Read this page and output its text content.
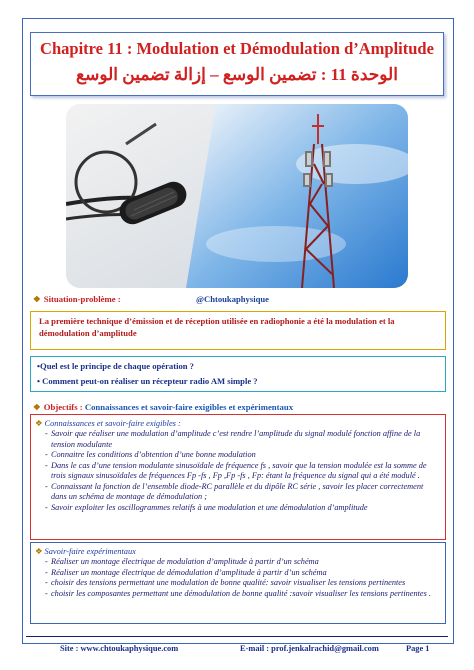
Chapitre 11 : Modulation et Démodulation d’Amplitude
الوحدة 11 : تضمين الوسع – إزالة تضمين الوسع
❖ Situation-problème :	@Chtoukaphysique

La première technique d’émission et de réception utilisée en radiophonie a été la modulation et la démodulation d’amplitude

•Quel est le principe de chaque opération ?
• Comment peut-on réaliser un récepteur radio AM simple ?
❖ Objectifs : Connaissances et savoir-faire exigibles et expérimentaux
❖ Connaissances et savoir-faire exigibles :
- Savoir que réaliser une modulation d’amplitude c’est rendre l’amplitude du signal modulé fonction affine de la tension modulante
- Connaitre les conditions d’obtention d’une bonne modulation
- Dans le cas d’une tension modulante sinusoïdale de fréquence fs , savoir que la tension modulée est la somme de trois signaux sinusoïdales de fréquences Fp -fs , Fp ,Fp -fs , Fp: étant la fréquence du signal qui a été modulé .
- Connaissant la fonction de l’ensemble diode-RC parallèle et du dipôle RC série , savoir les placer correctement dans un schéma de montage de démodulation ;
- Savoir exploiter les oscillogrammes relatifs à une modulation et une démodulation d’amplitude
❖ Savoir-faire expérimentaux
- Réaliser un montage électrique de modulation d’amplitude à partir d’un schéma
- Réaliser un montage électrique de démodulation d’amplitude à partir d’un schéma
- choisir des tensions permettant une modulation de bonne qualité: savoir visualiser les tensions pertinentes
- choisir les composantes permettant une démodulation de bonne qualité :savoir visualiser les tensions pertinentes .
Site : www.chtoukaphysique.com	E-mail : prof.jenkalrachid@gmail.com	Page 1
